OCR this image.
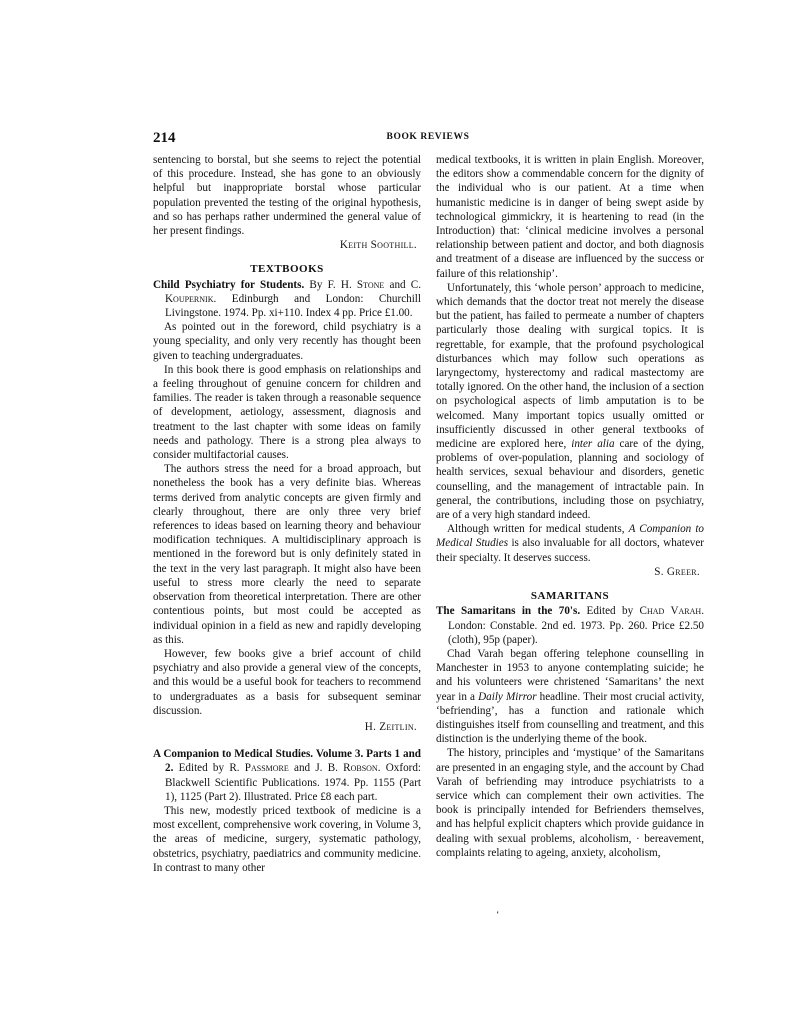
214	BOOK REVIEWS

sentencing to borstal, but she seems to reject the potential of this procedure. Instead, she has gone to an obviously helpful but inappropriate borstal whose particular population prevented the testing of the original hypothesis, and so has perhaps rather undermined the general value of her present findings.

Keith Soothill.
TEXTBOOKS
Child Psychiatry for Students. By F. H. Stone and C. Koupernik. Edinburgh and London: Churchill Livingstone. 1974. Pp. xi+110. Index 4 pp. Price £1.00.

As pointed out in the foreword, child psychiatry is a young speciality, and only very recently has thought been given to teaching undergraduates.

In this book there is good emphasis on relationships and a feeling throughout of genuine concern for children and families. The reader is taken through a reasonable sequence of development, aetiology, assessment, diagnosis and treatment to the last chapter with some ideas on family needs and pathology. There is a strong plea always to consider multifactorial causes.

The authors stress the need for a broad approach, but nonetheless the book has a very definite bias. Whereas terms derived from analytic concepts are given firmly and clearly throughout, there are only three very brief references to ideas based on learning theory and behaviour modification techniques. A multidisciplinary approach is mentioned in the foreword but is only definitely stated in the text in the very last paragraph. It might also have been useful to stress more clearly the need to separate observation from theoretical interpretation. There are other contentious points, but most could be accepted as individual opinion in a field as new and rapidly developing as this.

However, few books give a brief account of child psychiatry and also provide a general view of the concepts, and this would be a useful book for teachers to recommend to undergraduates as a basis for subsequent seminar discussion.

H. Zeitlin.
A Companion to Medical Studies. Volume 3. Parts 1 and 2. Edited by R. Passmore and J. B. Robson. Oxford: Blackwell Scientific Publications. 1974. Pp. 1155 (Part 1), 1125 (Part 2). Illustrated. Price £8 each part.

This new, modestly priced textbook of medicine is a most excellent, comprehensive work covering, in Volume 3, the areas of medicine, surgery, systematic pathology, obstetrics, psychiatry, paediatrics and community medicine. In contrast to many other

medical textbooks, it is written in plain English. Moreover, the editors show a commendable concern for the dignity of the individual who is our patient. At a time when humanistic medicine is in danger of being swept aside by technological gimmickry, it is heartening to read (in the Introduction) that: ‘clinical medicine involves a personal relationship between patient and doctor, and both diagnosis and treatment of a disease are influenced by the success or failure of this relationship’.

Unfortunately, this ‘whole person’ approach to medicine, which demands that the doctor treat not merely the disease but the patient, has failed to permeate a number of chapters particularly those dealing with surgical topics. It is regrettable, for example, that the profound psychological disturbances which may follow such operations as laryngectomy, hysterectomy and radical mastectomy are totally ignored. On the other hand, the inclusion of a section on psychological aspects of limb amputation is to be welcomed. Many important topics usually omitted or insufficiently discussed in other general textbooks of medicine are explored here, inter alia care of the dying, problems of over-population, planning and sociology of health services, sexual behaviour and disorders, genetic counselling, and the management of intractable pain. In general, the contributions, including those on psychiatry, are of a very high standard indeed.

Although written for medical students, A Companion to Medical Studies is also invaluable for all doctors, whatever their specialty. It deserves success.

S. Greer.
SAMARITANS
The Samaritans in the 70's. Edited by Chad Varah. London: Constable. 2nd ed. 1973. Pp. 260. Price £2.50 (cloth), 95p (paper).

Chad Varah began offering telephone counselling in Manchester in 1953 to anyone contemplating suicide; he and his volunteers were christened ‘Samaritans’ the next year in a Daily Mirror headline. Their most crucial activity, ‘befriending’, has a function and rationale which distinguishes itself from counselling and treatment, and this distinction is the underlying theme of the book.

The history, principles and ‘mystique’ of the Samaritans are presented in an engaging style, and the account by Chad Varah of befriending may introduce psychiatrists to a service which can complement their own activities. The book is principally intended for Befrienders themselves, and has helpful explicit chapters which provide guidance in dealing with sexual problems, alcoholism, · bereavement, complaints relating to ageing, anxiety, alcoholism,

ʻ
